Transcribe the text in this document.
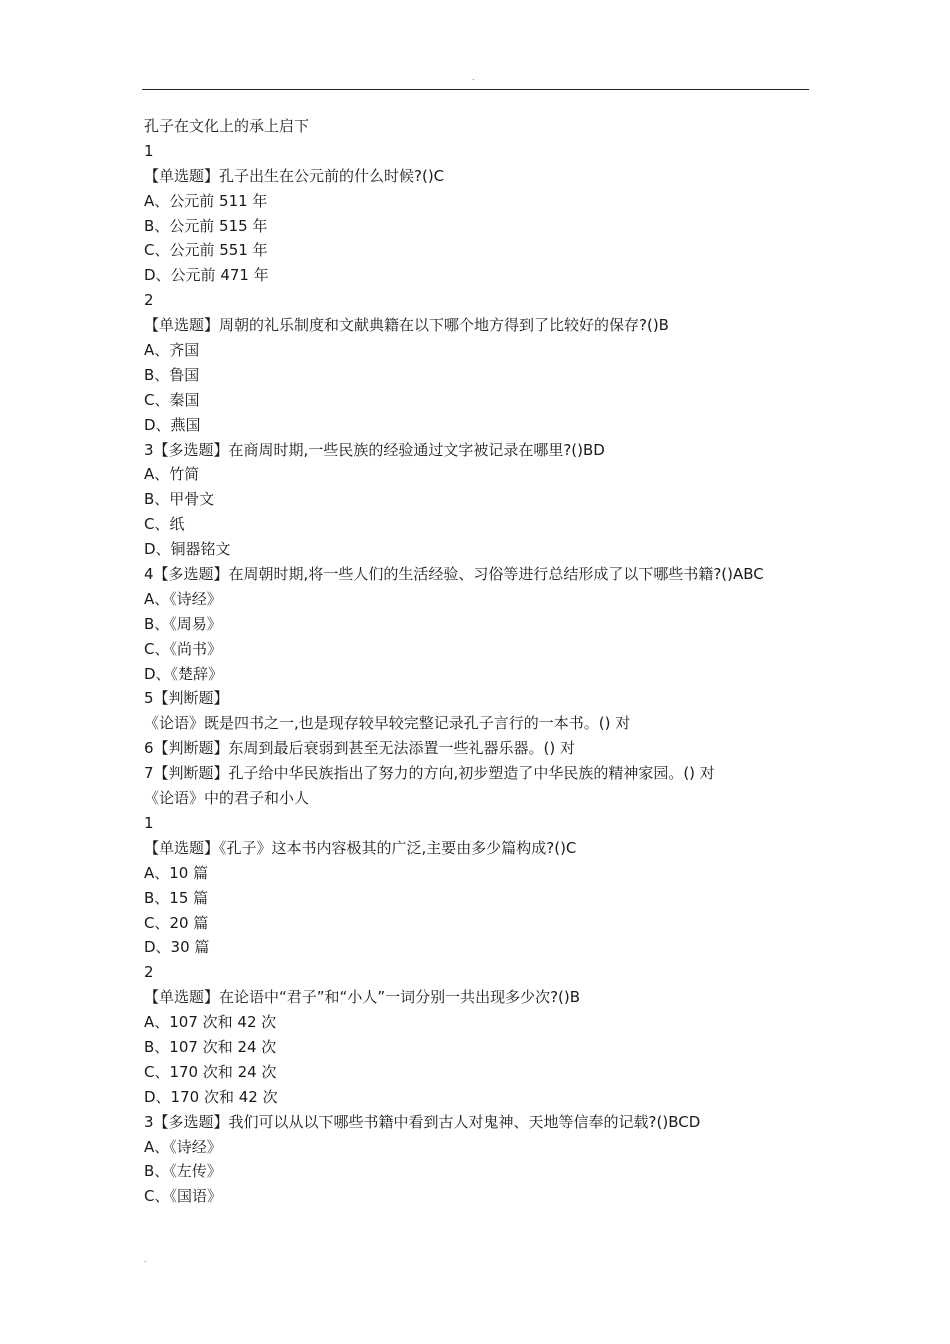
.
孔子在文化上的承上启下
1
【单选题】孔子出生在公元前的什么时候?()C
A、公元前 511 年
B、公元前 515 年
C、公元前 551 年
D、公元前 471 年
2
【单选题】周朝的礼乐制度和文献典籍在以下哪个地方得到了比较好的保存?()B
A、齐国
B、鲁国
C、秦国
D、燕国
3【多选题】在商周时期,一些民族的经验通过文字被记录在哪里?()BD
A、竹简
B、甲骨文
C、纸
D、铜器铭文
4【多选题】在周朝时期,将一些人们的生活经验、习俗等进行总结形成了以下哪些书籍?()ABC
A、《诗经》
B、《周易》
C、《尚书》
D、《楚辞》
5【判断题】
《论语》既是四书之一,也是现存较早较完整记录孔子言行的一本书。() 对
6【判断题】东周到最后衰弱到甚至无法添置一些礼器乐器。() 对
7【判断题】孔子给中华民族指出了努力的方向,初步塑造了中华民族的精神家园。() 对
《论语》中的君子和小人
1
【单选题】《孔子》这本书内容极其的广泛,主要由多少篇构成?()C
A、10 篇
B、15 篇
C、20 篇
D、30 篇
2
【单选题】在论语中“君子”和“小人”一词分别一共出现多少次?()B
A、107 次和 42 次
B、107 次和 24 次
C、170 次和 24 次
D、170 次和 42 次
3【多选题】我们可以从以下哪些书籍中看到古人对鬼神、天地等信奉的记载?()BCD
A、《诗经》
B、《左传》
C、《国语》
.
